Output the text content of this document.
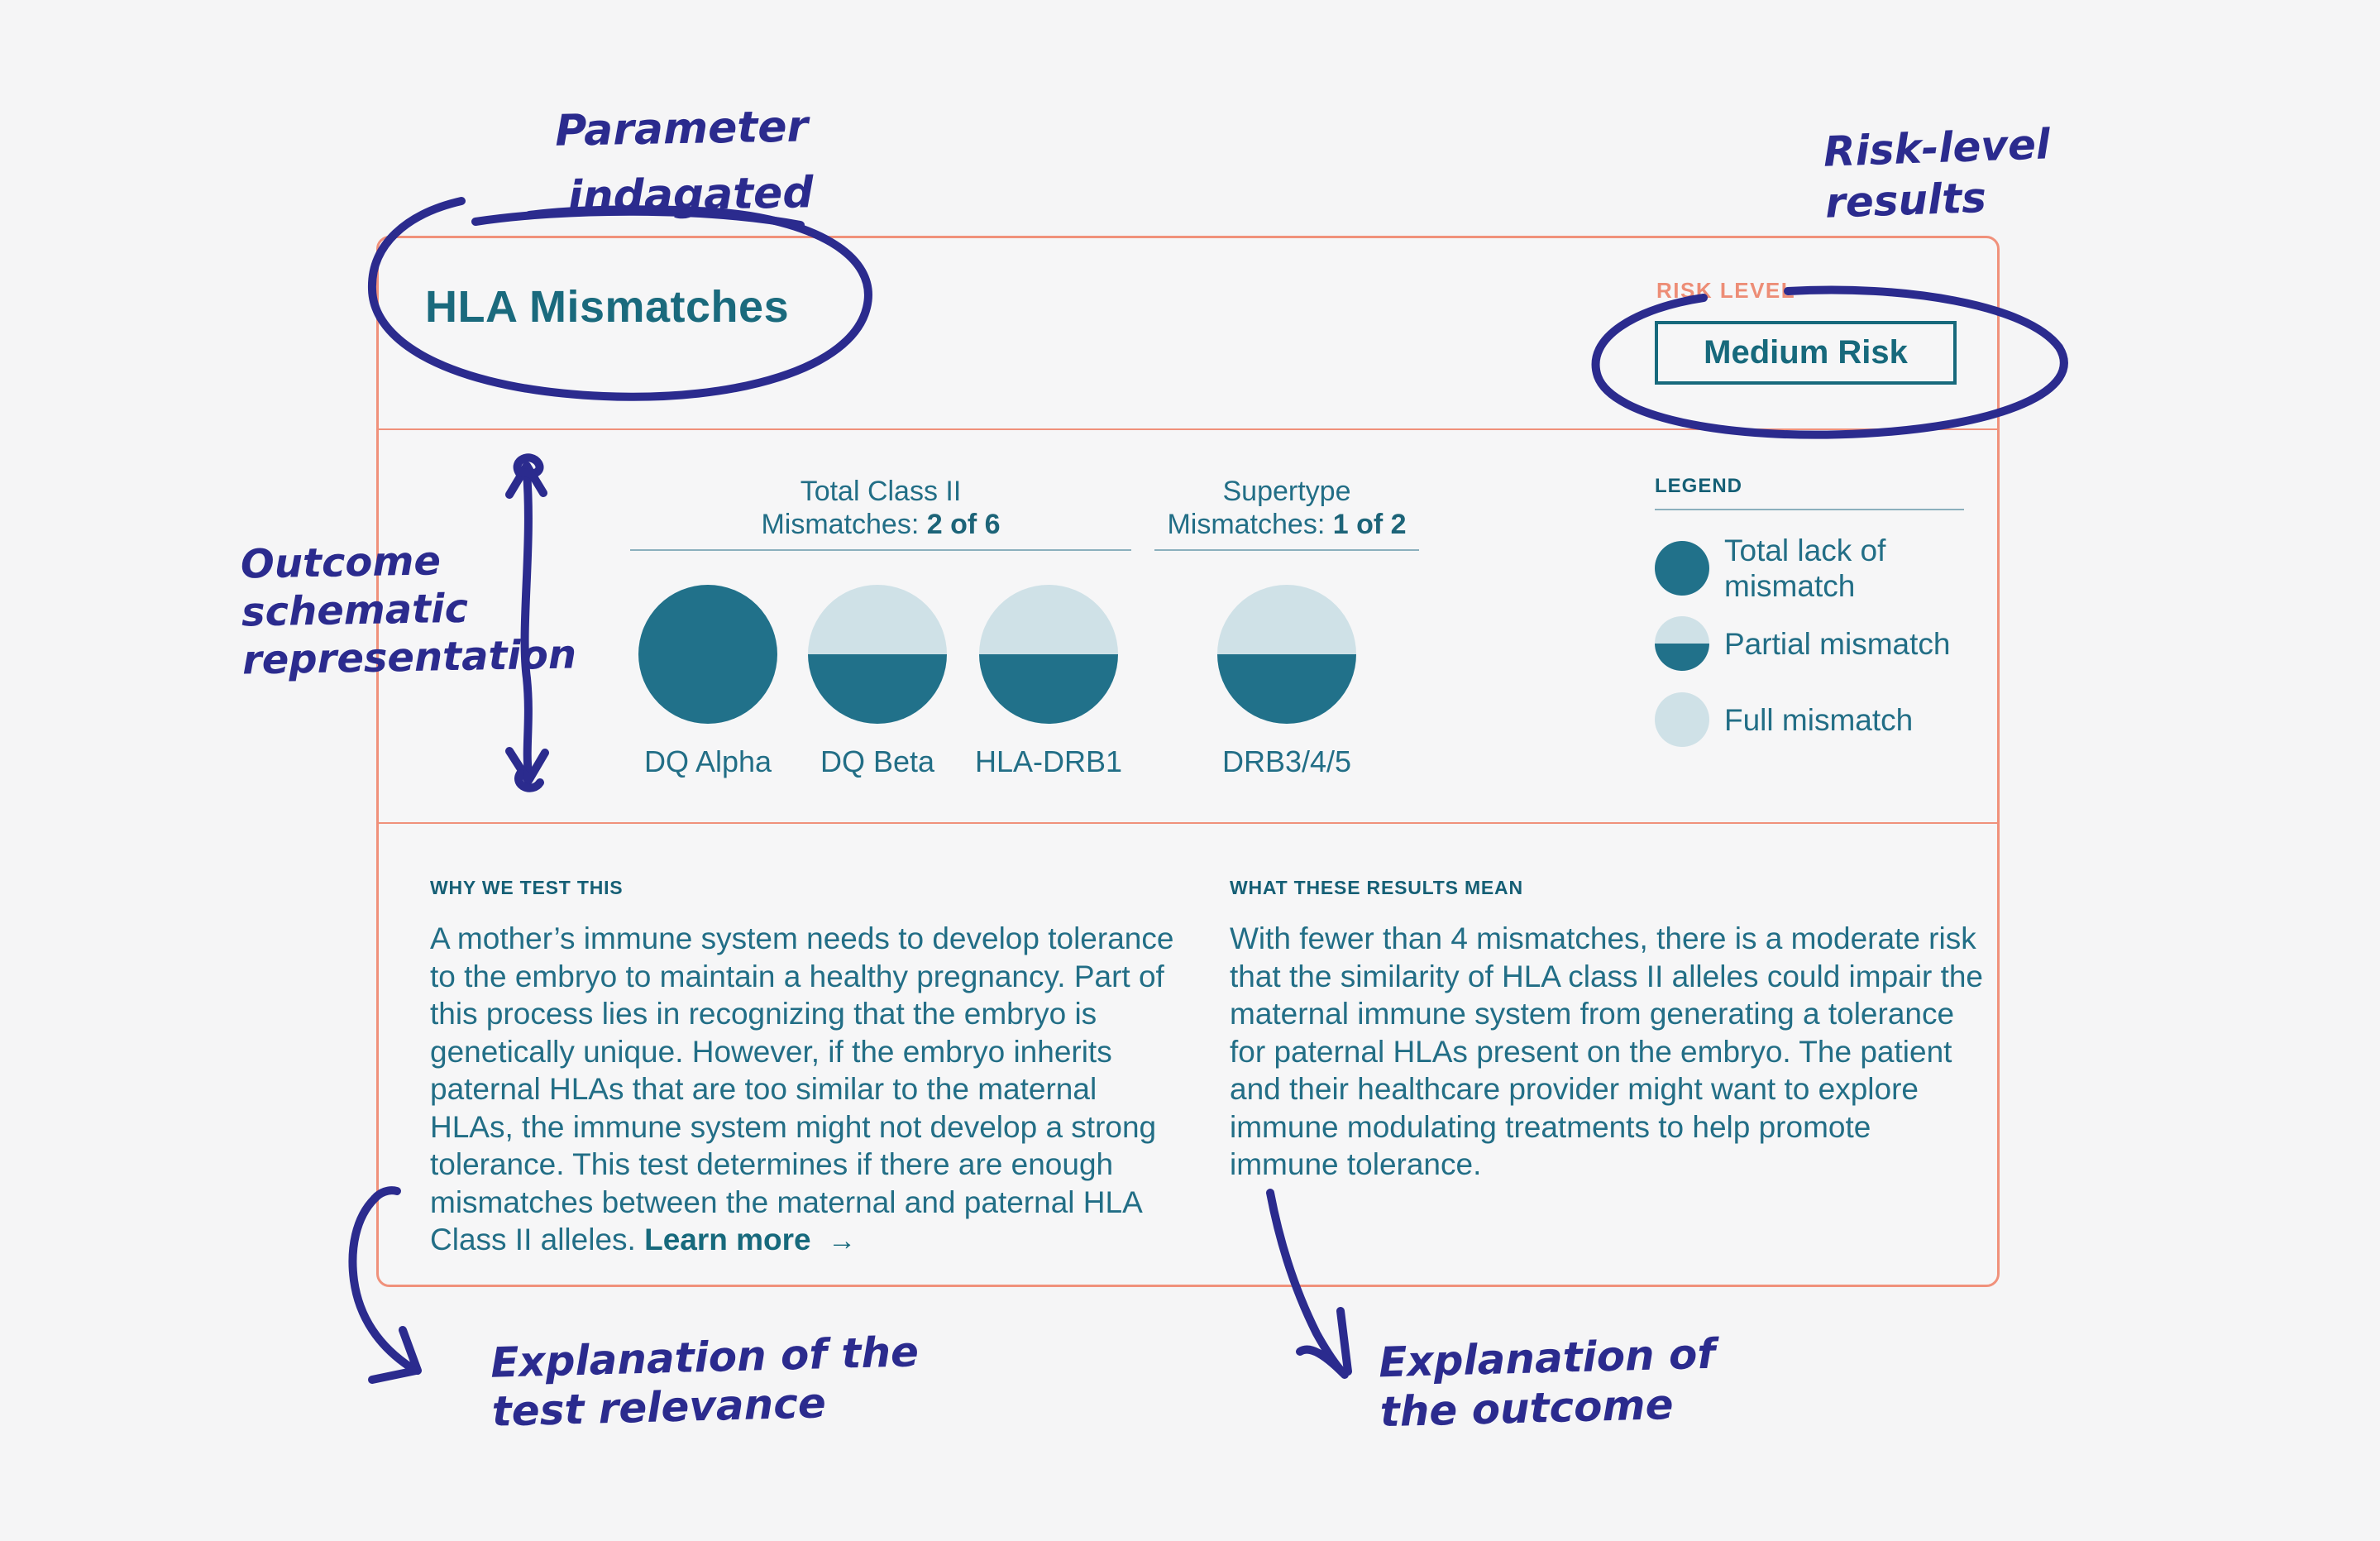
HLA Mismatches	RISK LEVEL
Medium Risk
Total Class II
Mismatches: 2 of 6
Supertype
Mismatches: 1 of 2
DQ Alpha	DQ Beta	HLA-DRB1	DRB3/4/5
LEGEND
Total lack of mismatch
Partial mismatch
Full mismatch
WHY WE TEST THIS
A mother’s immune system needs to develop tolerance to the embryo to maintain a healthy pregnancy. Part of this process lies in recognizing that the embryo is genetically unique. However, if the embryo inherits paternal HLAs that are too similar to the maternal HLAs, the immune system might not develop a strong tolerance. This test determines if there are enough mismatches between the maternal and paternal HLA Class II alleles. Learn more →
WHAT THESE RESULTS MEAN
With fewer than 4 mismatches, there is a moderate risk that the similarity of HLA class II alleles could impair the maternal immune system from generating a tolerance for paternal HLAs present on the embryo. The patient and their healthcare provider might want to explore immune modulating treatments to help promote immune tolerance.
Parameter
indagated
Risk-level
results
Outcome
schematic
representation
Explanation of the
test relevance
Explanation of
the outcome
